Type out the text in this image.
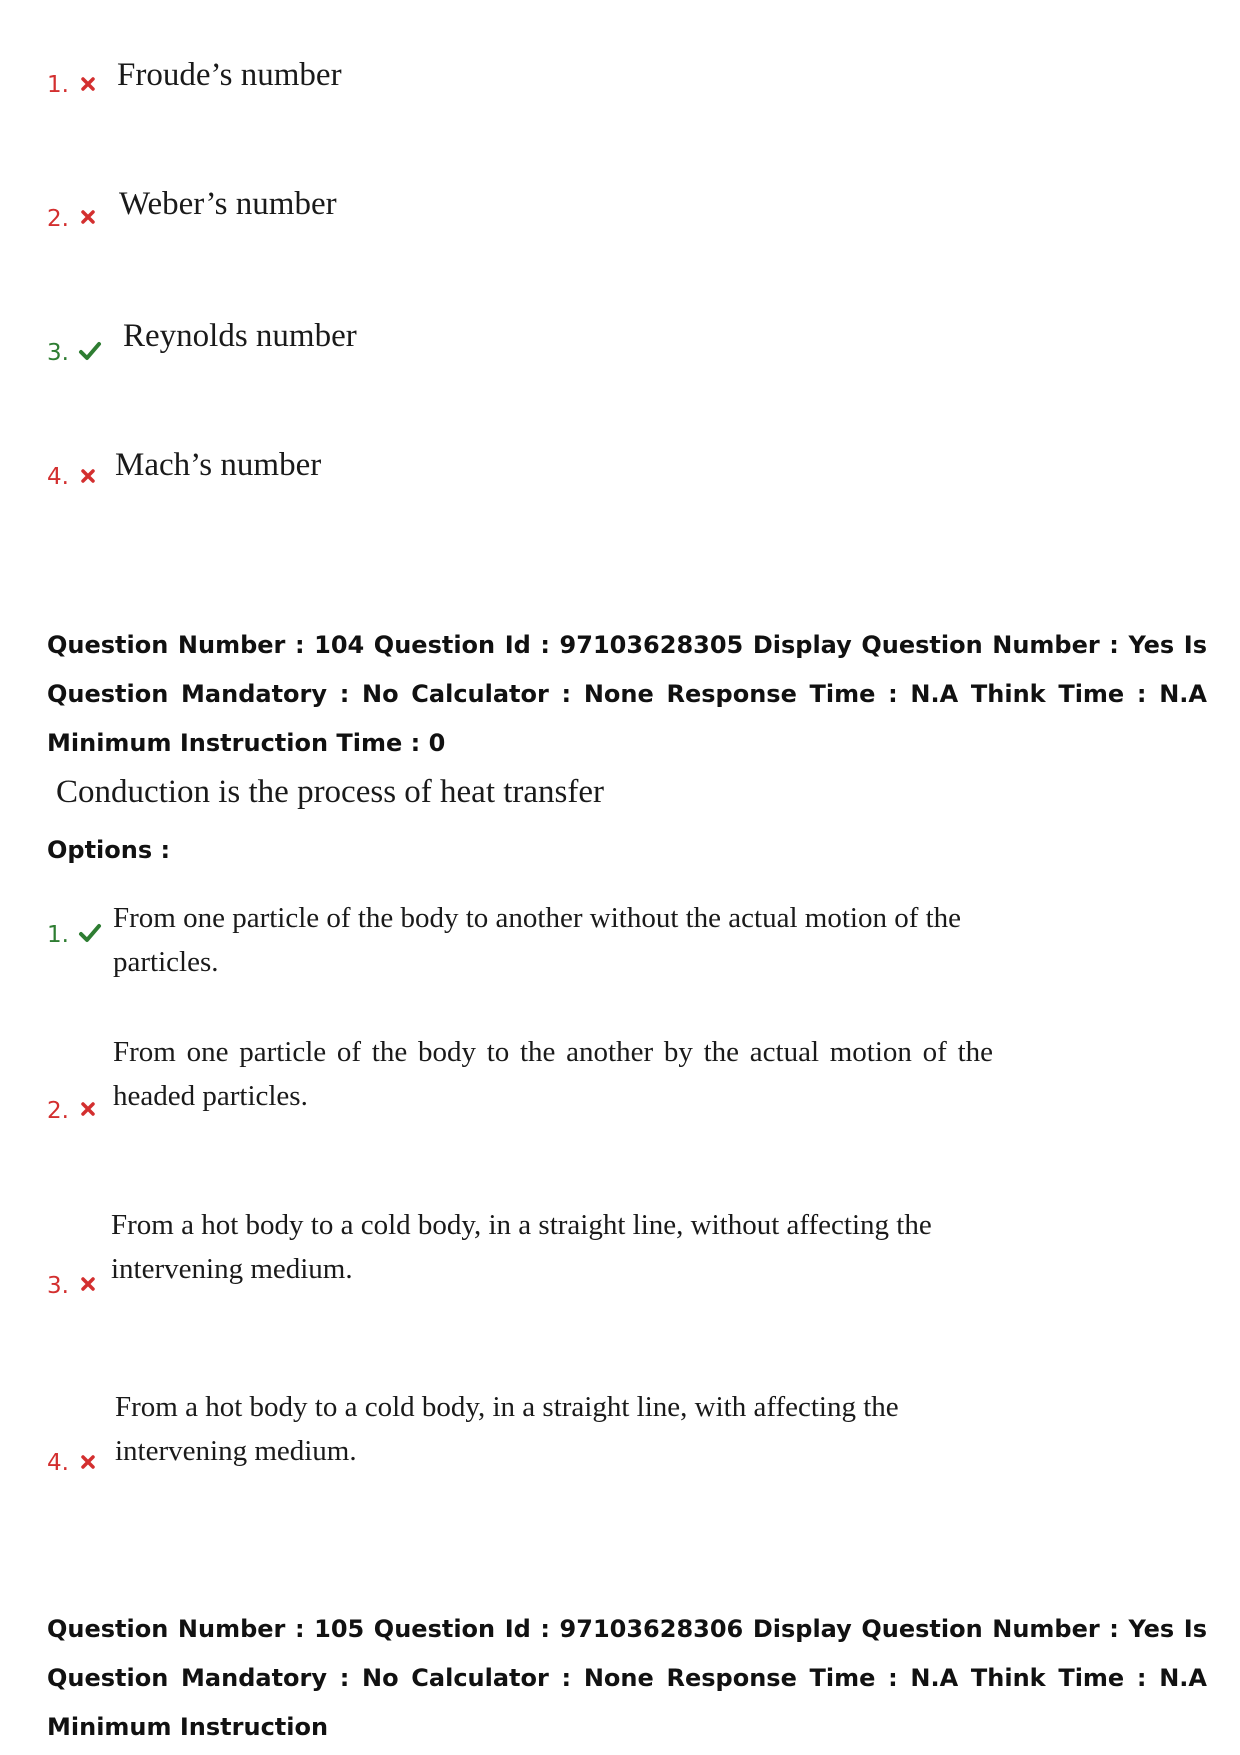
1. Froude’s number
2. Weber’s number
3. Reynolds number
4. Mach’s number
Question Number : 104 Question Id : 97103628305 Display Question Number : Yes Is Question Mandatory : No Calculator : None Response Time : N.A Think Time : N.A Minimum Instruction Time : 0
Conduction is the process of heat transfer
Options :
1.
From one particle of the body to another without the actual motion of the particles.
2.
From one particle of the body to the another by the actual motion of the headed particles.
3.
From a hot body to a cold body, in a straight line, without affecting the intervening medium.
4.
From a hot body to a cold body, in a straight line, with affecting the intervening medium.
Question Number : 105 Question Id : 97103628306 Display Question Number : Yes Is Question Mandatory : No Calculator : None Response Time : N.A Think Time : N.A Minimum Instruction
